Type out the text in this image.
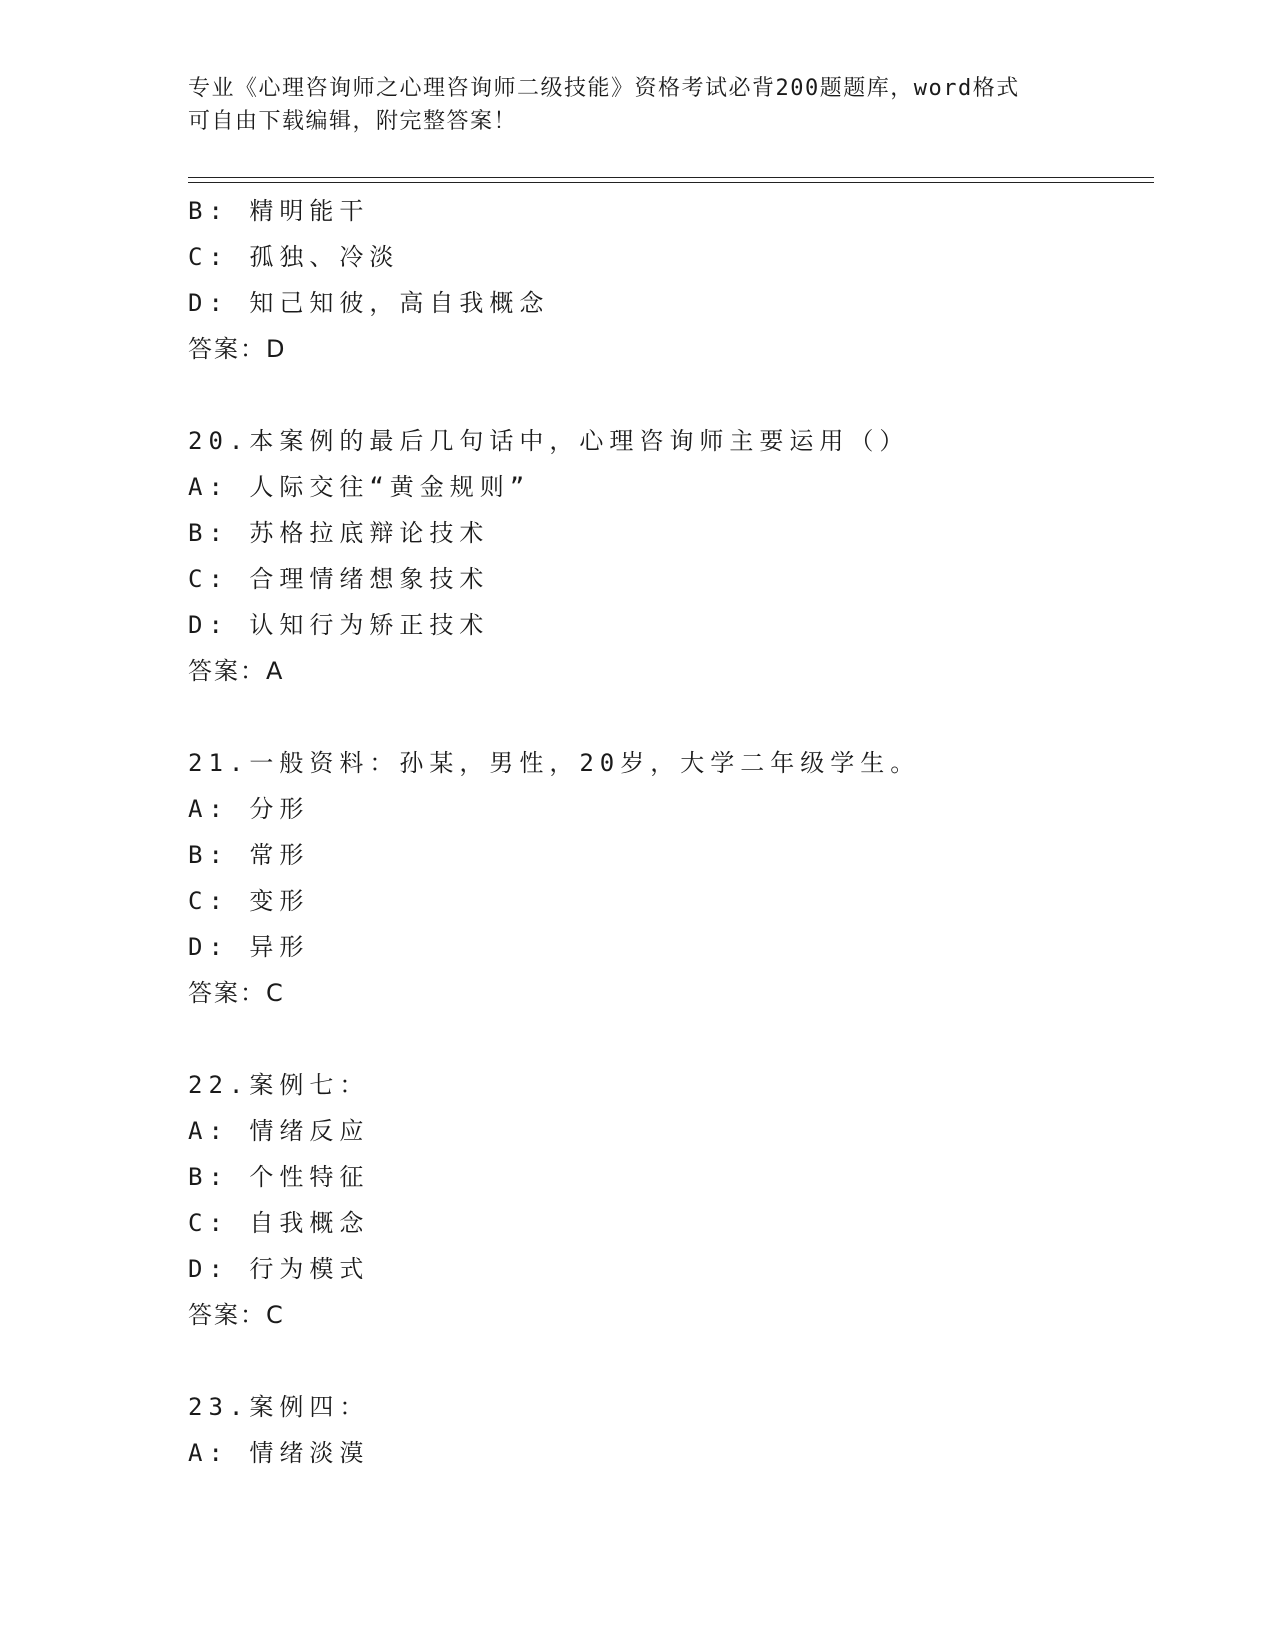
专业《心理咨询师之心理咨询师二级技能》资格考试必背200题题库，word格式
可自由下载编辑，附完整答案！
B: 精明能干
C: 孤独、冷淡
D: 知己知彼，高自我概念
答案：D
20.本案例的最后几句话中，心理咨询师主要运用（）
A: 人际交往“黄金规则”
B: 苏格拉底辩论技术
C: 合理情绪想象技术
D: 认知行为矫正技术
答案：A
21.一般资料：孙某，男性，20岁，大学二年级学生。
A: 分形
B: 常形
C: 变形
D: 异形
答案：C
22.案例七：
A: 情绪反应
B: 个性特征
C: 自我概念
D: 行为模式
答案：C
23.案例四：
A: 情绪淡漠
